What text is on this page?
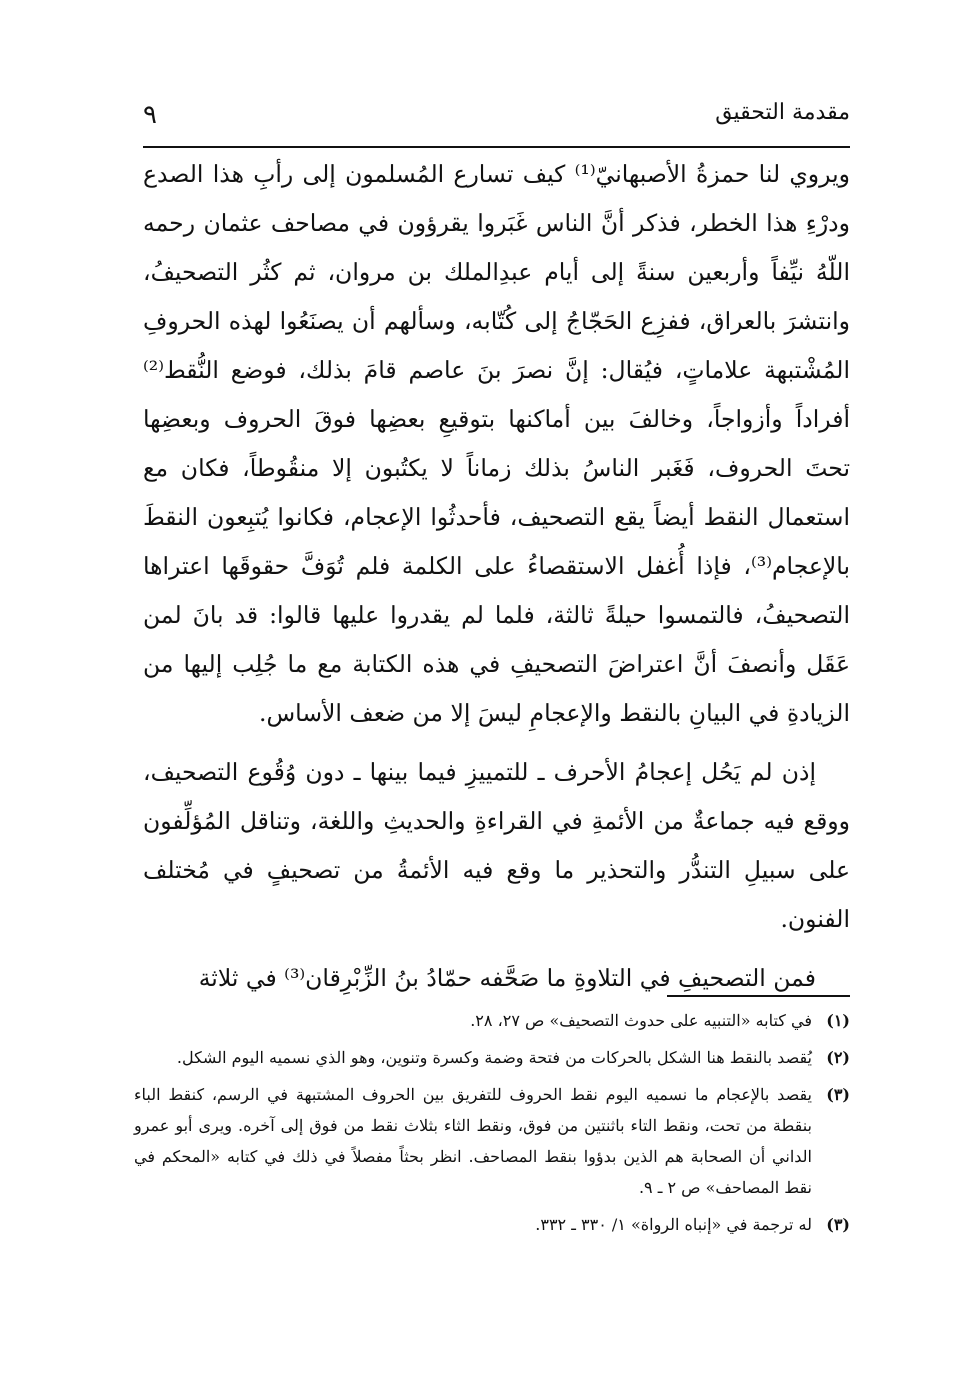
٩	مقدمة التحقيق

ويروي لنا حمزةُ الأصبهانيّ⁽¹⁾ كيف تسارع المُسلمون إلى رأبِ هذا الصدع ودرْءِ هذا الخطر، فذكر أنَّ الناس غَبَروا يقرؤون في مصاحف عثمان رحمه اللّهُ نيِّفاً وأربعين سنةً إلى أيام عبدِالملك بن مروان، ثم كثُر التصحيفُ، وانتشرَ بالعراق، ففزِع الحَجّاجُ إلى كُتّابه، وسألهم أن يصنَعُوا لهذه الحروفِ المُشْتبهة علاماتٍ، فيُقال: إنَّ نصرَ بنَ عاصم قامَ بذلك، فوضع النُّقط⁽²⁾ أفراداً وأزواجاً، وخالفَ بين أماكنها بتوقيعِ بعضِها فوقَ الحروف وبعضِها تحتَ الحروف، فَغَبر الناسُ بذلك زماناً لا يكتُبون إلا منقُوطاً، فكان مع استعمال النقط أيضاً يقع التصحيف، فأحدثُوا الإعجام، فكانوا يُتبِعون النقطَ بالإعجام⁽³⁾، فإذا أُغفل الاستقصاءُ على الكلمة فلم تُوَفَّ حقوقَها اعتراها التصحيفُ، فالتمسوا حيلةً ثالثة، فلما لم يقدروا عليها قالوا: قد بانَ لمن عَقَل وأنصفَ أنَّ اعتراضَ التصحيفِ في هذه الكتابة مع ما جُلِب إليها من الزيادةِ في البيانِ بالنقط والإعجامِ ليسَ إلا من ضعف الأساس.

إذن لم يَحُل إعجامُ الأحرف ـ للتمييزِ فيما بينها ـ دون وُقُوع التصحيف، ووقع فيه جماعةٌ من الأئمةِ في القراءةِ والحديثِ واللغة، وتناقل المُؤلِّفون على سبيلِ التندُّر والتحذير ما وقع فيه الأئمةُ من تصحيفٍ في مُختلف الفنون.

فمن التصحيفِ في التلاوةِ ما صَحَّفه حمّادُ بنُ الزِّبْرِقان⁽³⁾ في ثلاثة

(١)
في كتابه «التنبيه على حدوث التصحيف» ص ٢٧، ٢٨.
(٢)
يُقصد بالنقط هنا الشكل بالحركات من فتحة وضمة وكسرة وتنوين، وهو الذي نسميه اليوم الشكل.
(٣)
يقصد بالإعجام ما نسميه اليوم نقط الحروف للتفريق بين الحروف المشتبهة في الرسم، كنقط الباء بنقطة من تحت، ونقط التاء باثنتين من فوق، ونقط الثاء بثلاث نقط من فوق إلى آخره. ويرى أبو عمرو الداني أن الصحابة هم الذين بدؤوا بنقط المصاحف. انظر بحثاً مفصلاً في ذلك في كتابه «المحكم في نقط المصاحف» ص ٢ ـ ٩.
(٣)
له ترجمة في «إنباه الرواة» ١/ ٣٣٠ ـ ٣٣٢.
